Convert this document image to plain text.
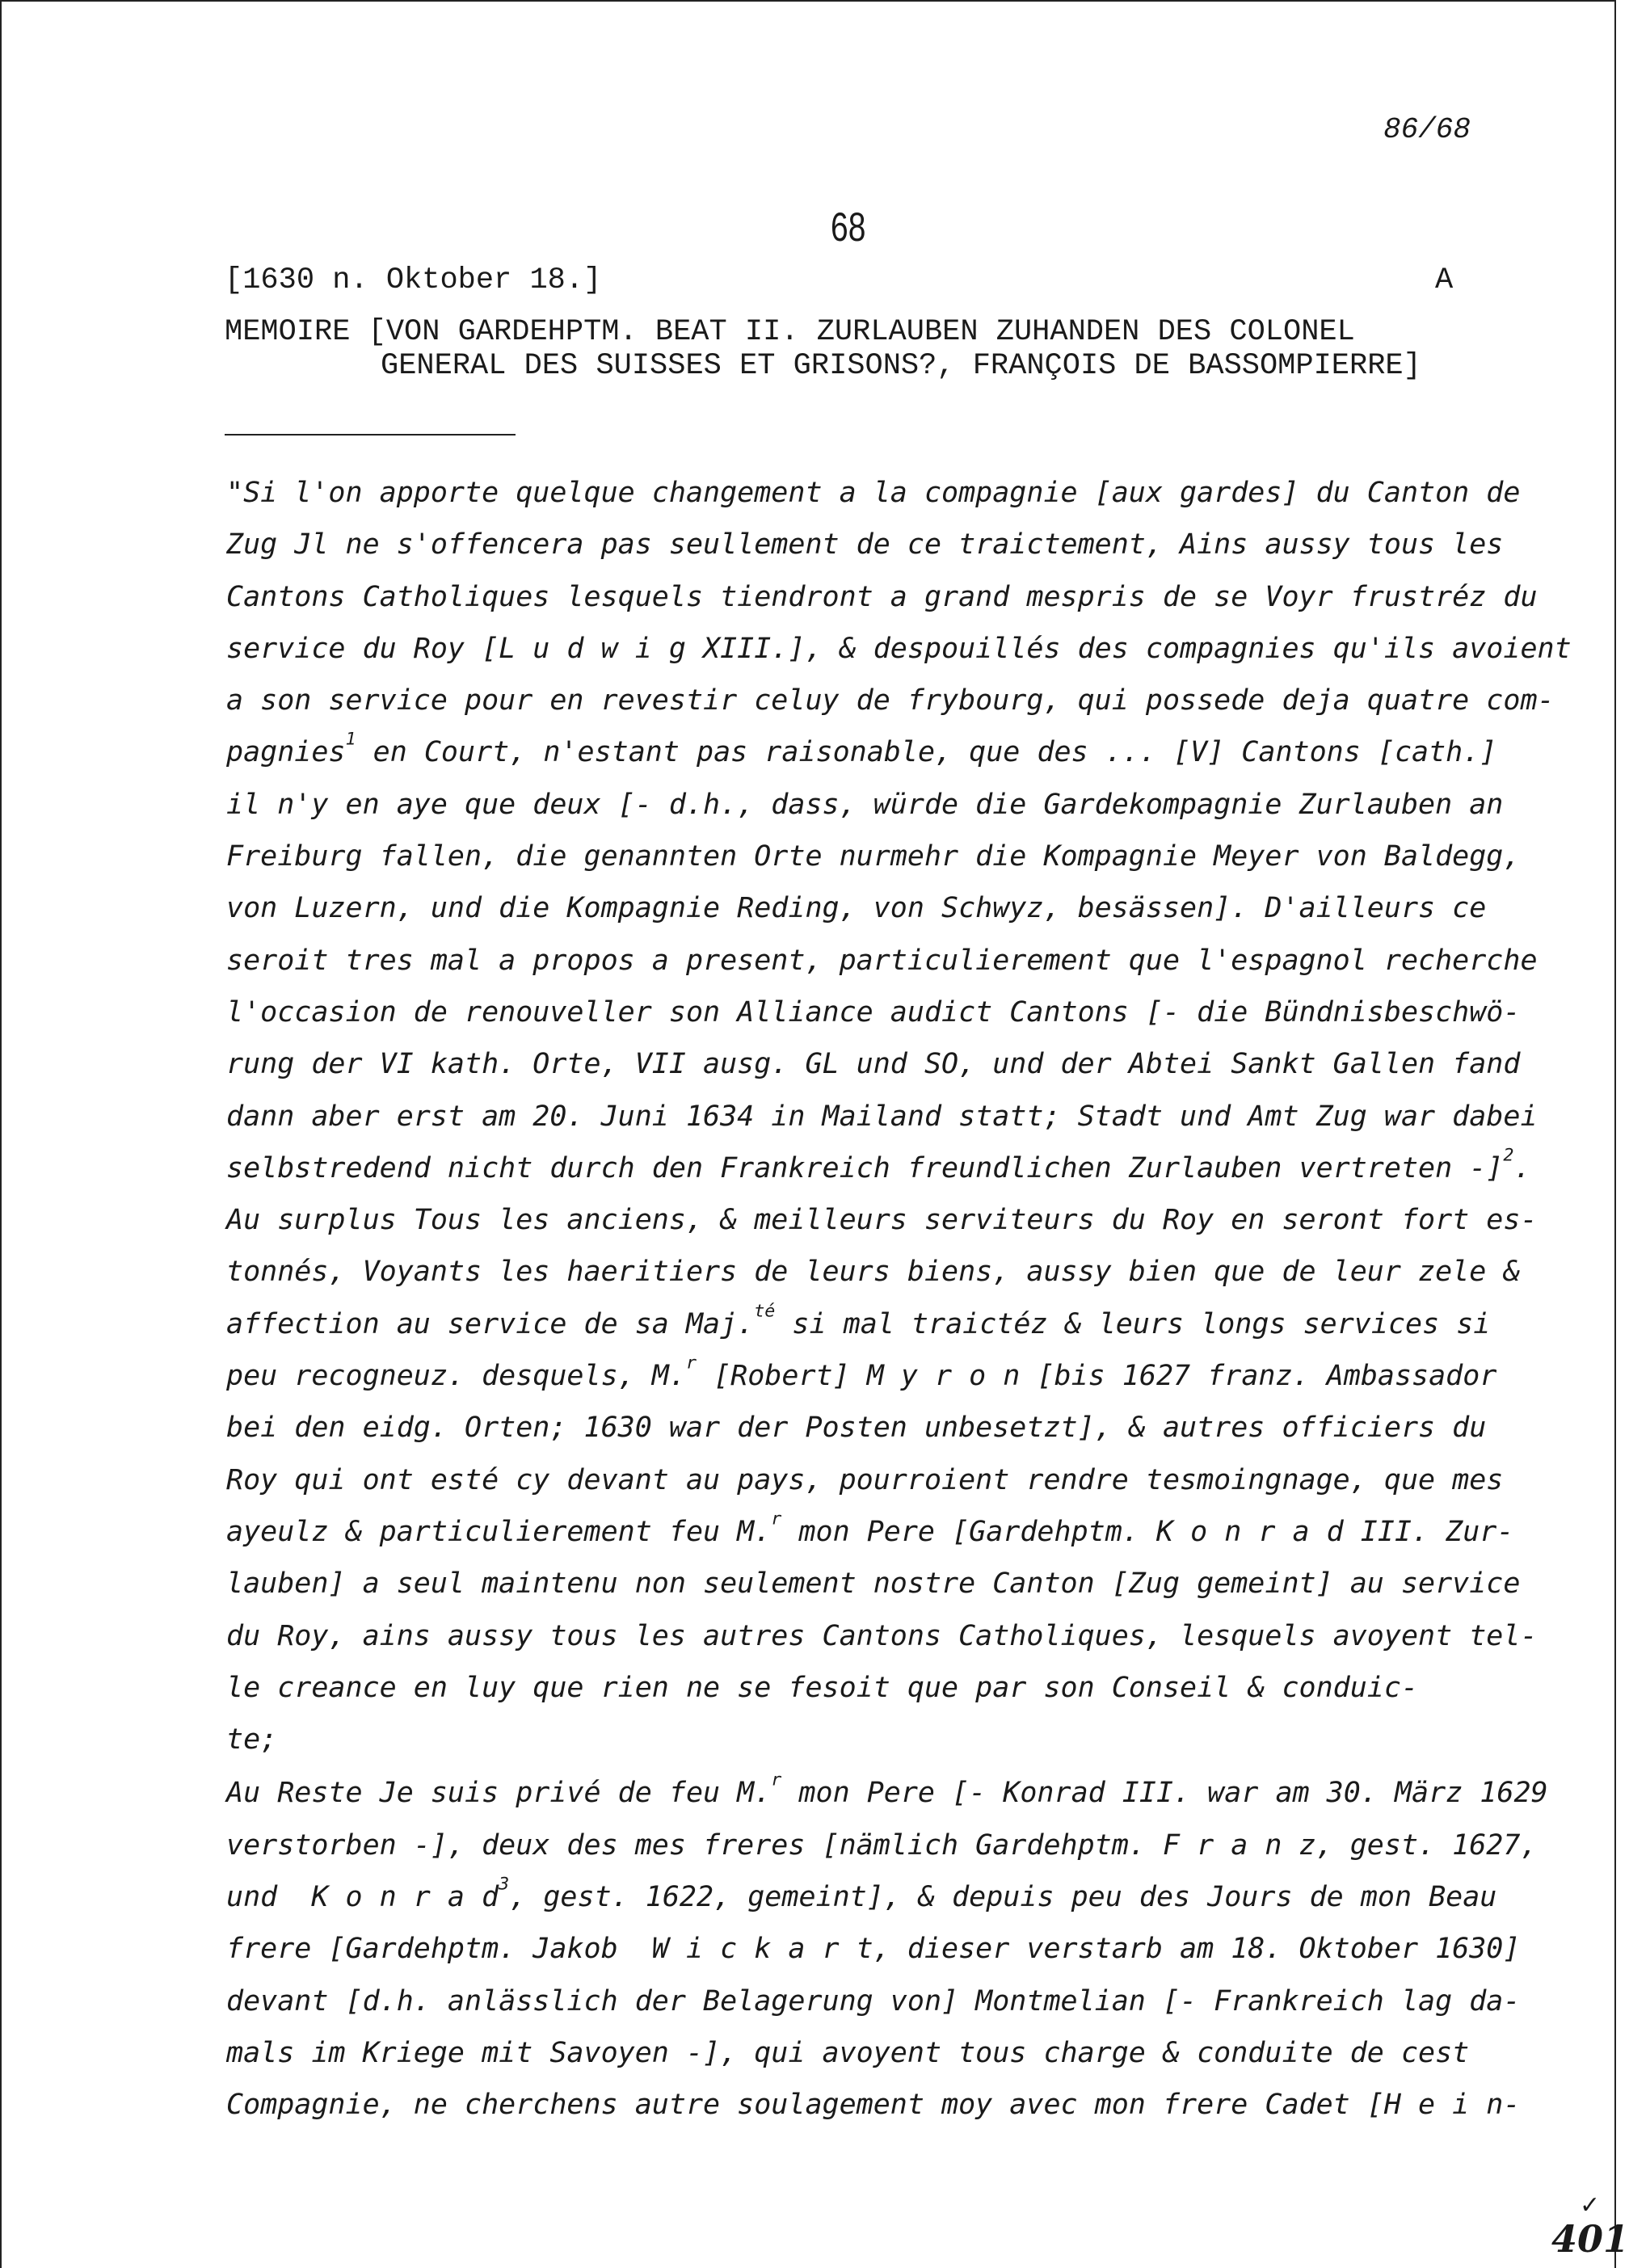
86/68
68
[1630 n. Oktober 18.]	A
MEMOIRE [VON GARDEHPTM. BEAT II. ZURLAUBEN ZUHANDEN DES COLONEL
GENERAL DES SUISSES ET GRISONS?, FRANÇOIS DE BASSOMPIERRE]
"Si l'on apporte quelque changement a la compagnie [aux gardes] du Canton de
Zug Jl ne s'offencera pas seullement de ce traictement, Ains aussy tous les
Cantons Catholiques lesquels tiendront a grand mespris de se Voyr frustréz du
service du Roy [L u d w i g XIII.], & despouillés des compagnies qu'ils avoient
a son service pour en revestir celuy de frybourg, qui possede deja quatre com-
pagnies$^1$ en Court, n'estant pas raisonable, que des ... [V] Cantons [cath.]
il n'y en aye que deux [- d.h., dass, würde die Gardekompagnie Zurlauben an
Freiburg fallen, die genannten Orte nurmehr die Kompagnie Meyer von Baldegg,
von Luzern, und die Kompagnie Reding, von Schwyz, besässen]. D'ailleurs ce
seroit tres mal a propos a present, particulierement que l'espagnol recherche
l'occasion de renouveller son Alliance audict Cantons [- die Bündnisbeschwö-
rung der VI kath. Orte, VII ausg. GL und SO, und der Abtei Sankt Gallen fand
dann aber erst am 20. Juni 1634 in Mailand statt; Stadt und Amt Zug war dabei
selbstredend nicht durch den Frankreich freundlichen Zurlauben vertreten -]$^2$.
Au surplus Tous les anciens, & meilleurs serviteurs du Roy en seront fort es-
tonnés, Voyants les haeritiers de leurs biens, aussy bien que de leur zele &
affection au service de sa Maj.$^{té}$ si mal traictéz & leurs longs services si
peu recogneuz. desquels, M.$^r$ [Robert] M y r o n [bis 1627 franz. Ambassador
bei den eidg. Orten; 1630 war der Posten unbesetzt], & autres officiers du
Roy qui ont esté cy devant au pays, pourroient rendre tesmoingnage, que mes
ayeulz & particulierement feu M.$^r$ mon Pere [Gardehptm. K o n r a d III. Zur-
lauben] a seul maintenu non seulement nostre Canton [Zug gemeint] au service
du Roy, ains aussy tous les autres Cantons Catholiques, lesquels avoyent tel-
le creance en luy que rien ne se fesoit que par son Conseil & conduic-
te;
Au Reste Je suis privé de feu M.$^r$ mon Pere [- Konrad III. war am 30. März 1629
verstorben -], deux des mes freres [nämlich Gardehptm. F r a n z, gest. 1627,
und  K o n r a $d^3$, gest. 1622, gemeint], & depuis peu des Jours de mon Beau
frere [Gardehptm. Jakob  W i c k a r t, dieser verstarb am 18. Oktober 1630]
devant [d.h. anlässlich der Belagerung von] Montmelian [- Frankreich lag da-
mals im Kriege mit Savoyen -], qui avoyent tous charge & conduite de cest
Compagnie, ne cherchens autre soulagement moy avec mon frere Cadet [H e i n-
✓
401
